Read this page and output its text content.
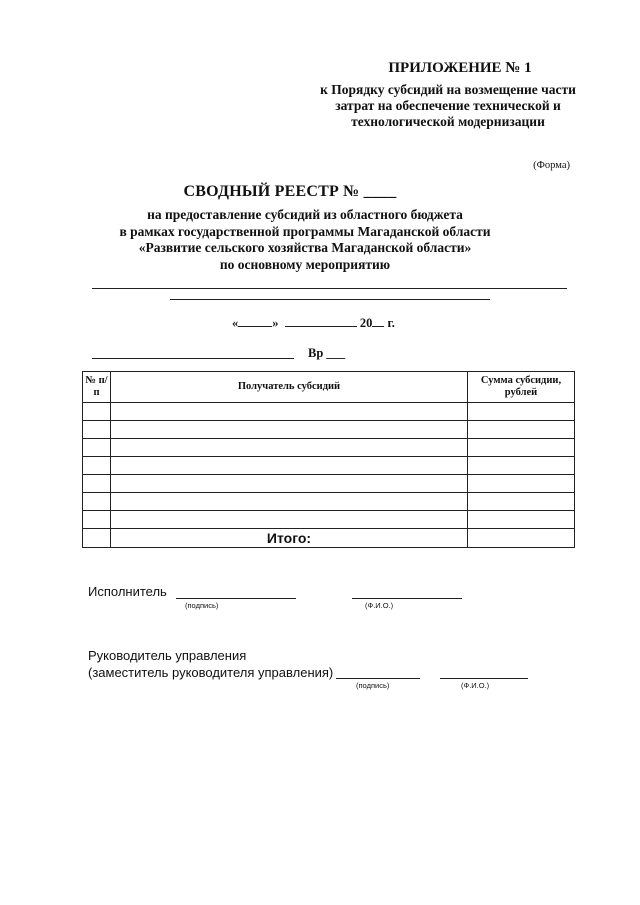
ПРИЛОЖЕНИЕ № 1
к Порядку субсидий на возмещение части затрат на обеспечение технической и технологической модернизации
(Форма)
СВОДНЫЙ РЕЕСТР № ____
на предоставление субсидий из областного бюджета
в рамках государственной программы Магаданской области
«Развитие сельского хозяйства Магаданской области»
по основному мероприятию
«	»	20 г.
Вр ___
№ п/п	Получатель субсидий	Сумма субсидии, рублей

	Итого:	
Исполнитель
(подпись)	(Ф.И.О.)
Руководитель управления
(заместитель руководителя управления)
(подпись)	(Ф.И.О.)
